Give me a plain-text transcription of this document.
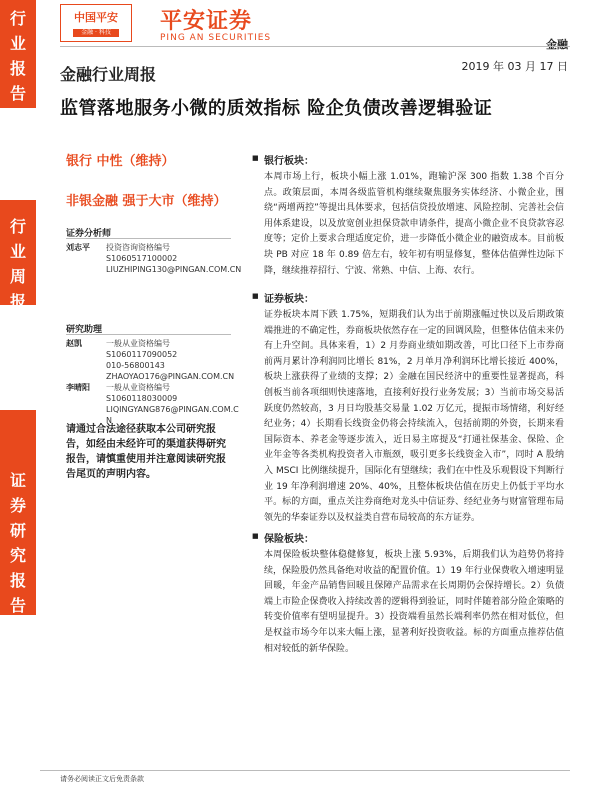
行
业
报
告
行
业
周
报
证
券
研
究
报
告
中国平安
金融 · 科技	平安证券
PING AN SECURITIES	金融
2019 年 03 月 17 日
金融行业周报
监管落地服务小微的质效指标 险企负债改善逻辑验证
银行 中性（维持）
非银金融 强于大市（维持）
证券分析师
刘志平	投资咨询资格编号
S1060517100002
LIUZHIPING130@PINGAN.COM.CN
研究助理
赵凯	一般从业资格编号
S1060117090052
010-56800143
ZHAOYAO176@PINGAN.COM.CN
李晴阳	一般从业资格编号
S1060118030009
LIQINGYANG876@PINGAN.COM.C
N
请通过合法途径获取本公司研究报告，如经由未经许可的渠道获得研究报告，请慎重使用并注意阅读研究报告尾页的声明内容。
■ 银行板块：
本周市场上行，板块小幅上涨 1.01%，跑输沪深 300 指数 1.38 个百分点。政策层面，本周各级监管机构继续聚焦服务实体经济、小微企业，围绕“两增两控”等提出具体要求，包括信贷投放增速、风险控制、完善社会信用体系建设，以及放宽创业担保贷款申请条件，提高小微企业不良贷款容忍度等；定价上要求合理适度定价，进一步降低小微企业的融资成本。目前板块 PB 对应 18 年 0.89 倍左右，较年初有明显修复，整体估值弹性边际下降，继续推荐招行、宁波、常熟、中信、上海、农行。
■ 证券板块：
证券板块本周下跌 1.75%，短期我们认为出于前期涨幅过快以及后期政策端推进的不确定性，券商板块依然存在一定的回调风险，但整体估值未来仍有上升空间。具体来看，1）2 月券商业绩如期改善，可比口径下上市券商前两月累计净利润同比增长 81%，2 月单月净利润环比增长接近 400%，板块上涨获得了业绩的支撑；2）金融在国民经济中的重要性显著提高，科创板当前各项细则快速落地，直接利好投行业务发展；3）当前市场交易活跃度仍然较高，3 月日均股基交易量 1.02 万亿元，提振市场情绪，利好经纪业务；4）长期看长线资金仍将会持续流入，包括前期的外资，长期来看国际资本、养老金等逐步流入，近日易主席提及“打通社保基金、保险、企业年金等各类机构投资者入市瓶颈，吸引更多长线资金入市”，同时 A 股纳入 MSCI 比例继续提升，国际化有望继续；我们在中性及乐观假设下判断行业 19 年净利润增速 20%、40%，且整体板块估值在历史上仍低于平均水平。标的方面，重点关注券商绝对龙头中信证券、经纪业务与财富管理布局领先的华泰证券以及权益类自营布局较高的东方证券。
■ 保险板块：
本周保险板块整体稳健修复，板块上涨 5.93%，后期我们认为趋势仍将持续，保险股仍然具备绝对收益的配置价值。1）19 年行业保费收入增速明显回暖，年金产品销售回暖且保障产品需求在长周期仍会保持增长。2）负债端上市险企保费收入持续改善的逻辑得到验证，同时伴随着部分险企策略的转变价值率有望明显提升。3）投资端看虽然长端利率仍然在相对低位，但是权益市场今年以来大幅上涨，显著利好投资收益。标的方面重点推荐估值相对较低的新华保险。
请务必阅读正文后免责条款
